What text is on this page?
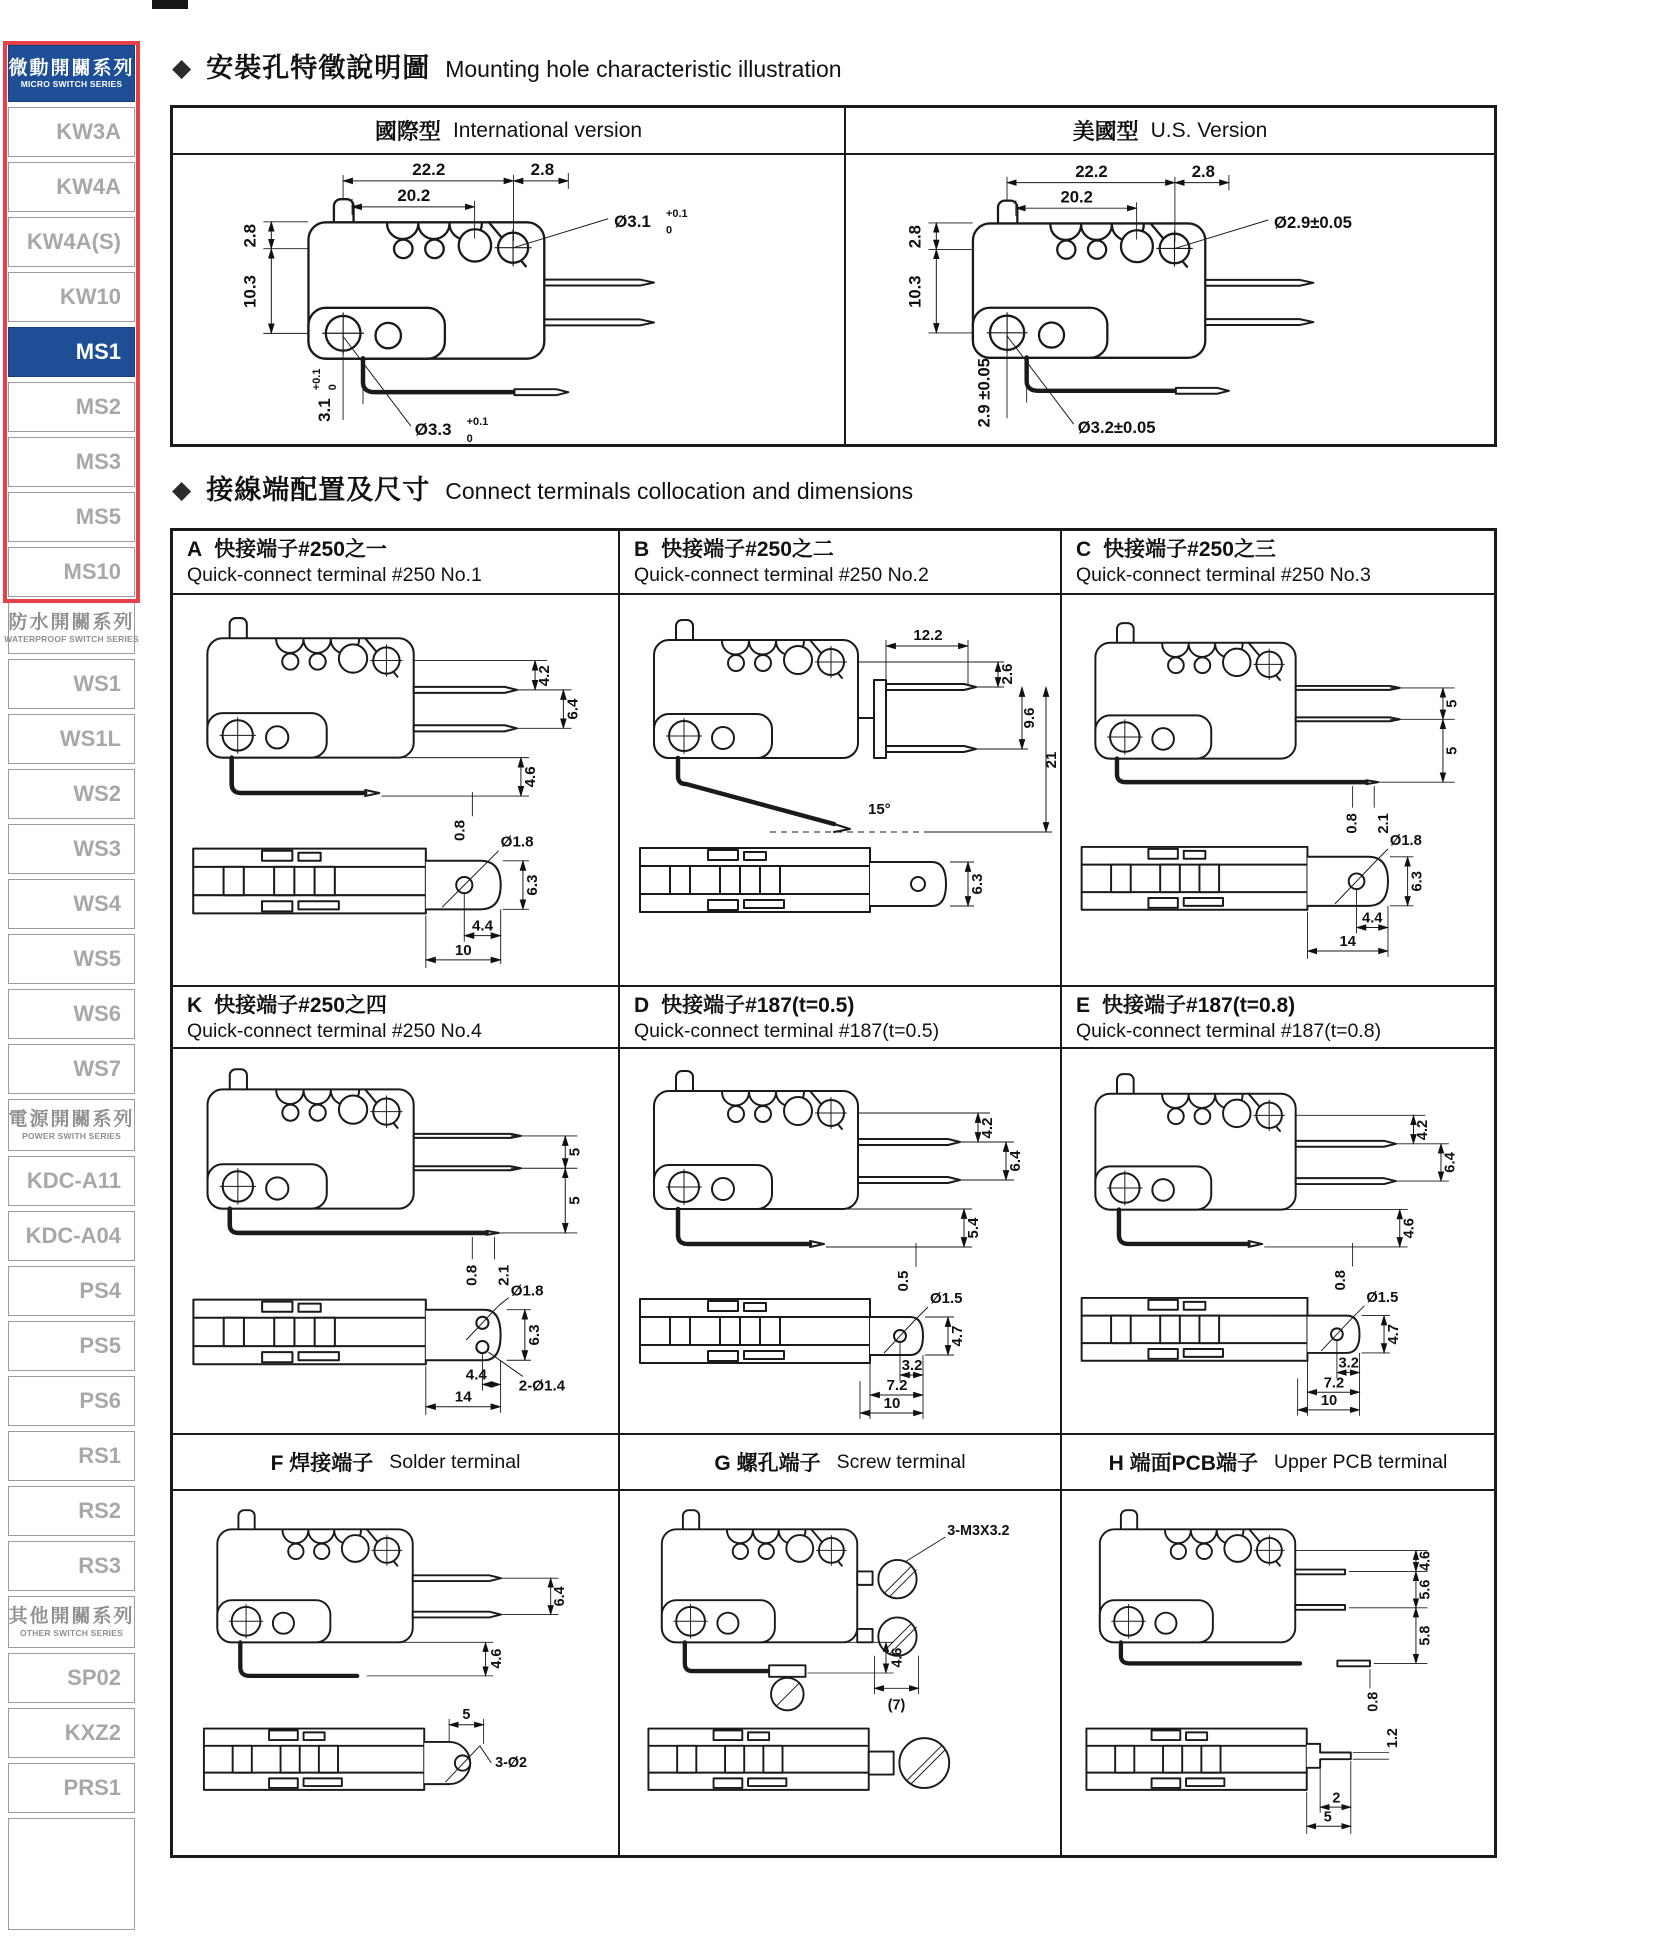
微動開關系列
MICRO SWITCH SERIES
KW3A
KW4A
KW4A(S)
KW10
MS1
MS2
MS3
MS5
MS10
防水開關系列
WATERPROOF SWITCH SERIES
WS1
WS1L
WS2
WS3
WS4
WS5
WS6
WS7
電源開關系列
POWER SWITH SERIES
KDC-A11
KDC-A04
PS4
PS5
PS6
RS1
RS2
RS3
其他開關系列
OTHER SWITCH SERIES
SP02
KXZ2
PRS1
◆ 安裝孔特徵說明圖 Mounting hole characteristic illustration
國際型 International version	美國型 U.S. Version
22.2
20.2
2.8
Ø3.1 +0.1
0
2.8
10.3
3.1
+0.1 0
Ø3.3 +0.1
0
22.2
20.2
2.8
Ø2.9±0.05
2.8
10.3
2.9 ±0.05
Ø3.2±0.05
◆ 接線端配置及尺寸 Connect terminals collocation and dimensions
A 快接端子#250之一
Quick-connect terminal #250 No.1
B 快接端子#250之二
Quick-connect terminal #250 No.2
C 快接端子#250之三
Quick-connect terminal #250 No.3
4.2
6.4
4.6
0.8
Ø1.8
6.3
4.4
10
15°
12.2
2.6
9.6
21
6.3
5
5
0.8 2.1
Ø1.8
6.3
4.4
14
K 快接端子#250之四
Quick-connect terminal #250 No.4
D 快接端子#187(t=0.5)
Quick-connect terminal #187(t=0.5)
E 快接端子#187(t=0.8)
Quick-connect terminal #187(t=0.8)
5
5
0.8 2.1
Ø1.8
2-Ø1.4
6.3
4.4
14
4.2
6.4
5.4
0.5
Ø1.5
4.7
3.2
7.2
10
4.2
6.4
4.6
0.8
Ø1.5
4.7
3.2
7.2
10
F 焊接端子 Solder terminal	G 螺孔端子 Screw terminal	H 端面PCB端子 Upper PCB terminal
6.4
4.6
3-Ø2
5
3-M3X3.2
4.6
(7)
4.6
5.6
5.8
0.8
1.2
2
5
